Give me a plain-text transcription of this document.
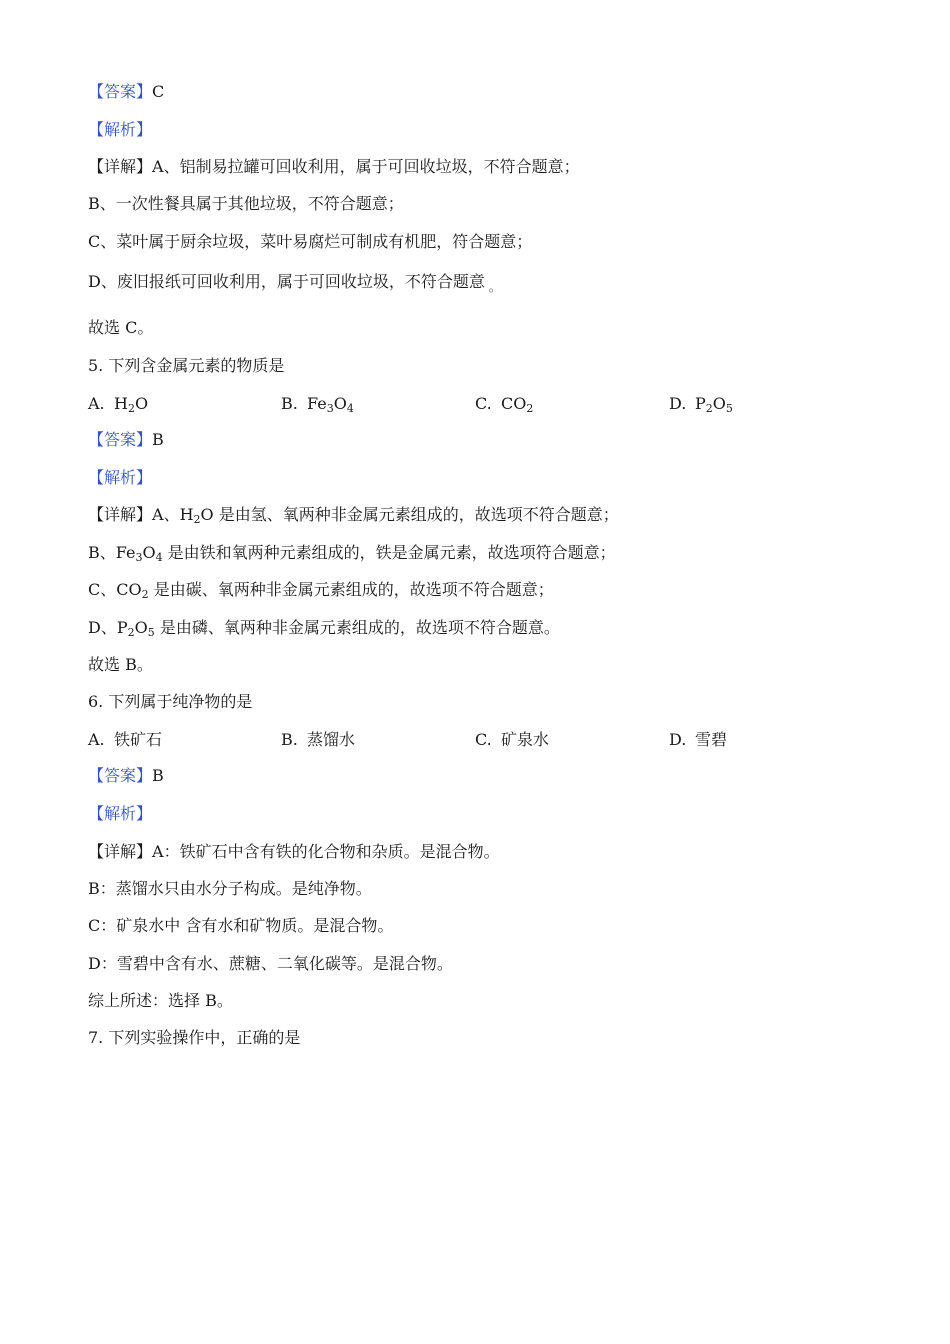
【答案】C
【解析】
【详解】A、铝制易拉罐可回收利用，属于可回收垃圾，不符合题意；
B、一次性餐具属于其他垃圾，不符合题意；
C、菜叶属于厨余垃圾，菜叶易腐烂可制成有机肥，符合题意；
D、废旧报纸可回收利用，属于可回收垃圾，不符合题意 $_。$
故选 C。
5. 下列含金属元素的物质是
A. $H_2O$	B. $Fe_3O_4$	C. $CO_2$	D. $P_2O_5$
【答案】B
【解析】
【详解】A、$H_2O$ 是由氢、氧两种非金属元素组成的，故选项不符合题意；
B、$Fe_3O_4$ 是由铁和氧两种元素组成的，铁是金属元素，故选项符合题意；
C、$CO_2$ 是由碳、氧两种非金属元素组成的，故选项不符合题意；
D、$P_2O_5$ 是由磷、氧两种非金属元素组成的，故选项不符合题意。
故选 B。
6. 下列属于纯净物的是
A. 铁矿石	B. 蒸馏水	C. 矿泉水	D. 雪碧
【答案】B
【解析】
【详解】A：铁矿石中含有铁的化合物和杂质。是混合物。
B：蒸馏水只由水分子构成。是纯净物。
C：矿泉水中 含有水和矿物质。是混合物。
D：雪碧中含有水、蔗糖、二氧化碳等。是混合物。
综上所述：选择 B。
7. 下列实验操作中，正确的是
